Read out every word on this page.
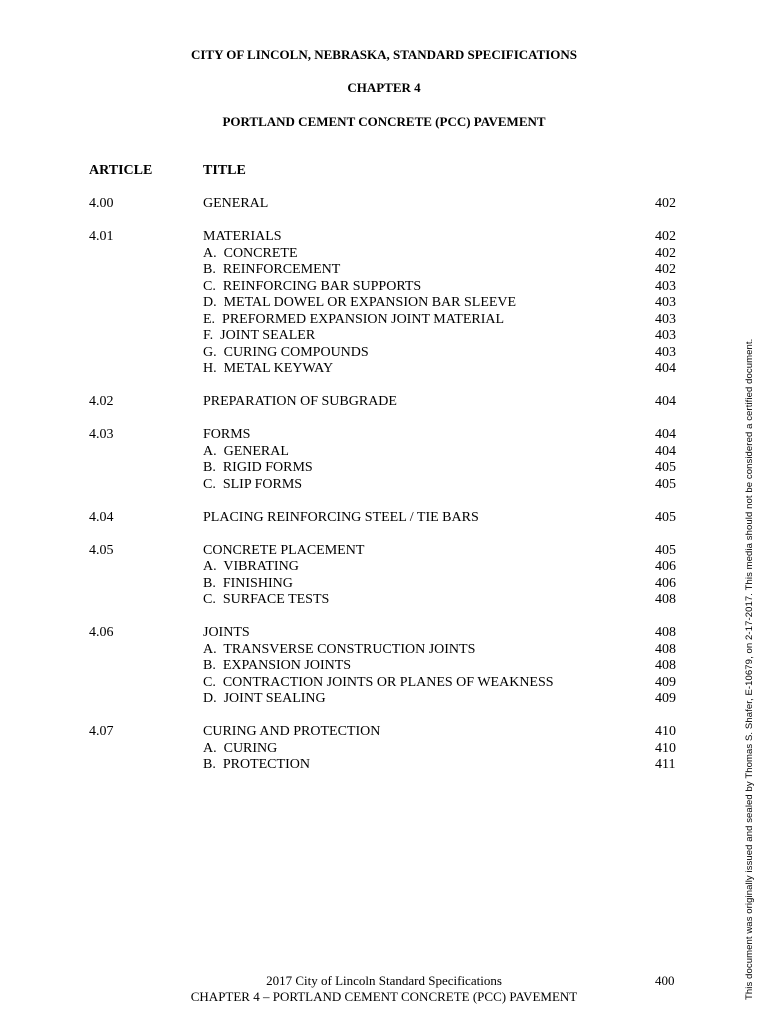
CITY OF LINCOLN, NEBRASKA, STANDARD SPECIFICATIONS
CHAPTER 4
PORTLAND CEMENT CONCRETE (PCC) PAVEMENT
ARTICLE	TITLE
4.00	GENERAL	402
4.01	MATERIALS	402
A.  CONCRETE	402
B.  REINFORCEMENT	402
C.  REINFORCING BAR SUPPORTS	403
D.  METAL DOWEL OR EXPANSION BAR SLEEVE	403
E.  PREFORMED EXPANSION JOINT MATERIAL	403
F.  JOINT SEALER	403
G.  CURING COMPOUNDS	403
H.  METAL KEYWAY	404
4.02	PREPARATION OF SUBGRADE	404
4.03	FORMS	404
A.  GENERAL	404
B.  RIGID FORMS	405
C.  SLIP FORMS	405
4.04	PLACING REINFORCING STEEL / TIE BARS	405
4.05	CONCRETE PLACEMENT	405
A.  VIBRATING	406
B.  FINISHING	406
C.  SURFACE TESTS	408
4.06	JOINTS	408
A.  TRANSVERSE CONSTRUCTION JOINTS	408
B.  EXPANSION JOINTS	408
C.  CONTRACTION JOINTS OR PLANES OF WEAKNESS	409
D.  JOINT SEALING	409
4.07	CURING AND PROTECTION	410
A.  CURING	410
B.  PROTECTION	411
2017 City of Lincoln Standard Specifications
CHAPTER 4 – PORTLAND CEMENT CONCRETE (PCC) PAVEMENT
400	This document was originally issued and sealed by Thomas S. Shafer, E-10679, on 2-17-2017. This media should not be considered a certified document.
